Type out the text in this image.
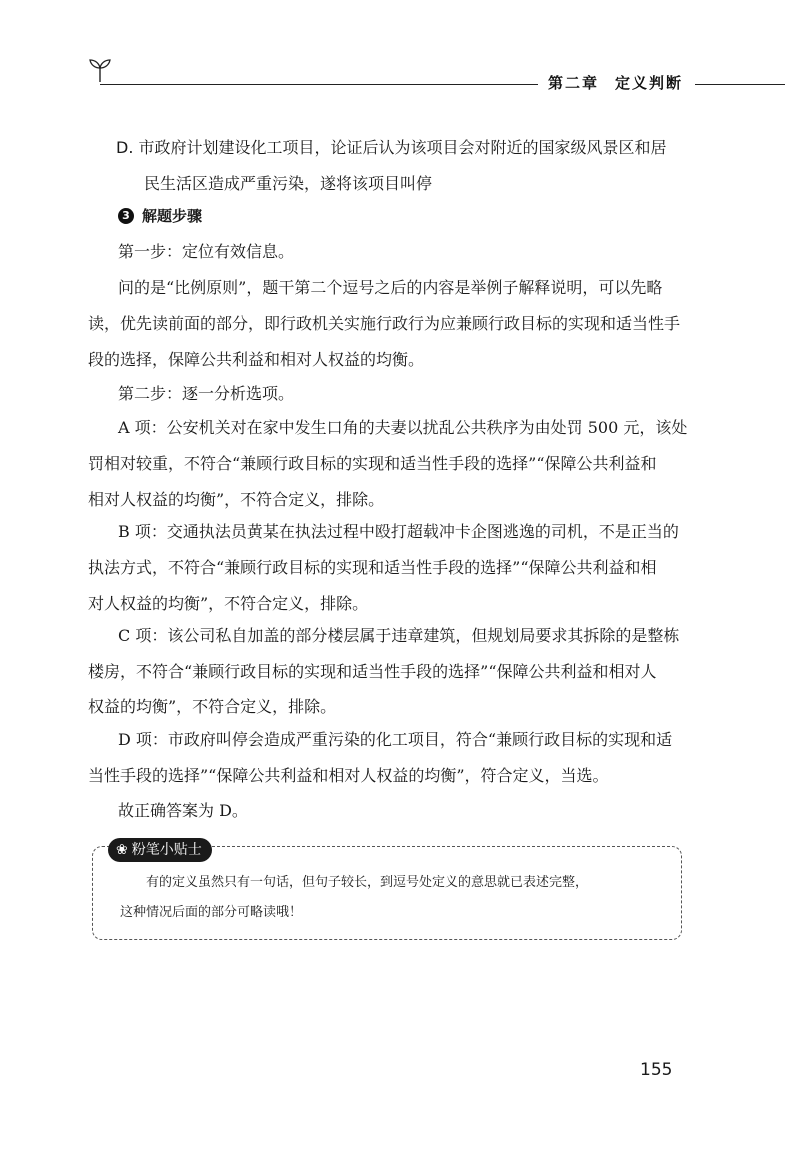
第二章 定义判断
D. 市政府计划建设化工项目，论证后认为该项目会对附近的国家级风景区和居
民生活区造成严重污染，遂将该项目叫停
3 解题步骤
第一步：定位有效信息。
问的是“比例原则”，题干第二个逗号之后的内容是举例子解释说明，可以先略
读，优先读前面的部分，即行政机关实施行政行为应兼顾行政目标的实现和适当性手
段的选择，保障公共利益和相对人权益的均衡。
第二步：逐一分析选项。
A 项：公安机关对在家中发生口角的夫妻以扰乱公共秩序为由处罚 500 元，该处
罚相对较重，不符合“兼顾行政目标的实现和适当性手段的选择”“保障公共利益和
相对人权益的均衡”，不符合定义，排除。
B 项：交通执法员黄某在执法过程中殴打超载冲卡企图逃逸的司机，不是正当的
执法方式，不符合“兼顾行政目标的实现和适当性手段的选择”“保障公共利益和相
对人权益的均衡”，不符合定义，排除。
C 项：该公司私自加盖的部分楼层属于违章建筑，但规划局要求其拆除的是整栋
楼房，不符合“兼顾行政目标的实现和适当性手段的选择”“保障公共利益和相对人
权益的均衡”，不符合定义，排除。
D 项：市政府叫停会造成严重污染的化工项目，符合“兼顾行政目标的实现和适
当性手段的选择”“保障公共利益和相对人权益的均衡”，符合定义，当选。
故正确答案为 D。
❀ 粉笔小贴士
有的定义虽然只有一句话，但句子较长，到逗号处定义的意思就已表述完整，
这种情况后面的部分可略读哦！
155
